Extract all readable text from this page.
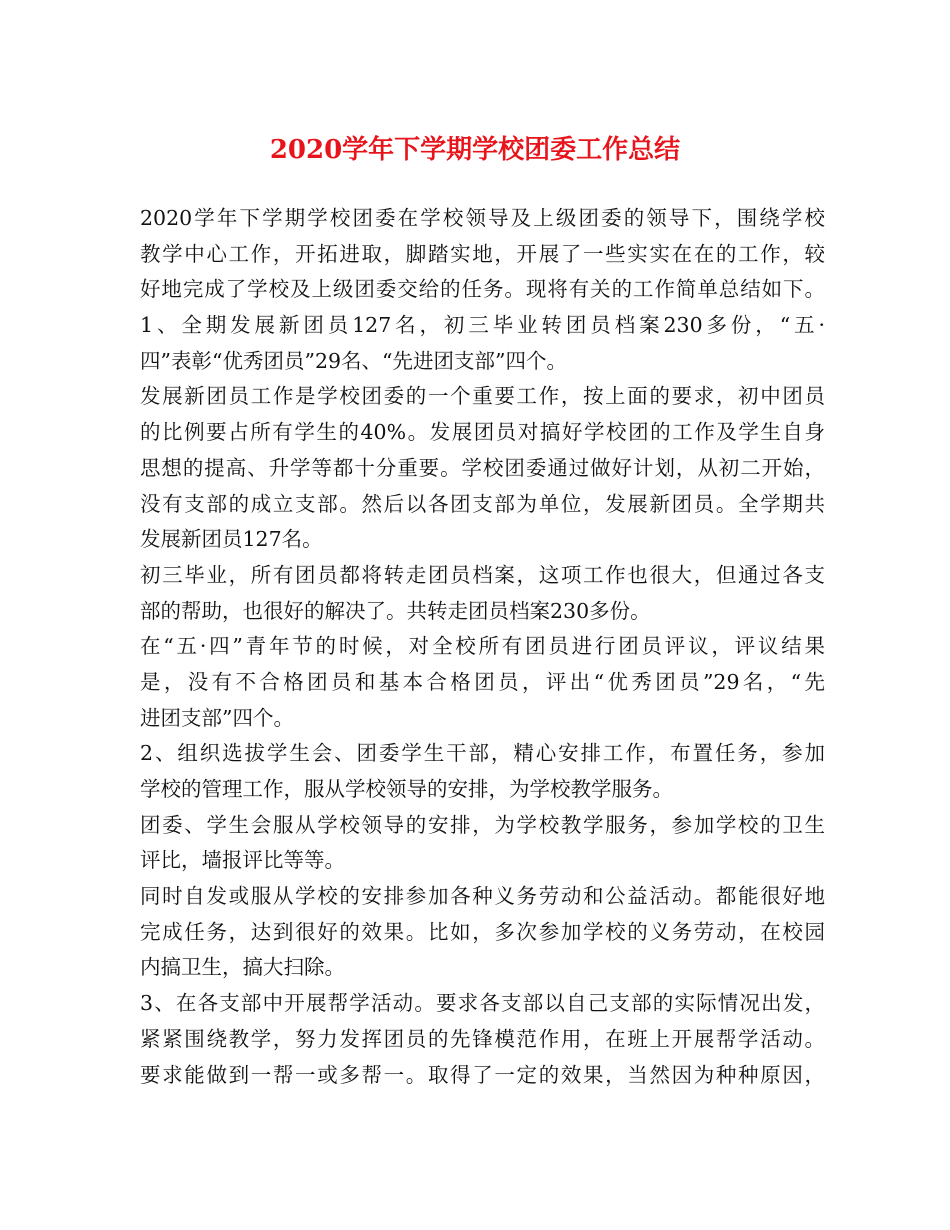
2020学年下学期学校团委工作总结
2020学年下学期学校团委在学校领导及上级团委的领导下，围绕学校
教学中心工作，开拓进取，脚踏实地，开展了一些实实在在的工作，较
好地完成了学校及上级团委交给的任务。现将有关的工作简单总结如下。
1、全期发展新团员127名，初三毕业转团员档案230多份，“五·
四”表彰“优秀团员”29名、“先进团支部”四个。
发展新团员工作是学校团委的一个重要工作，按上面的要求，初中团员
的比例要占所有学生的40%。发展团员对搞好学校团的工作及学生自身
思想的提高、升学等都十分重要。学校团委通过做好计划，从初二开始，
没有支部的成立支部。然后以各团支部为单位，发展新团员。全学期共
发展新团员127名。
初三毕业，所有团员都将转走团员档案，这项工作也很大，但通过各支
部的帮助，也很好的解决了。共转走团员档案230多份。
在“五·四”青年节的时候，对全校所有团员进行团员评议，评议结果
是，没有不合格团员和基本合格团员，评出“优秀团员”29名，“先
进团支部”四个。
2、组织选拔学生会、团委学生干部，精心安排工作，布置任务，参加
学校的管理工作，服从学校领导的安排，为学校教学服务。
团委、学生会服从学校领导的安排，为学校教学服务，参加学校的卫生
评比，墙报评比等等。
同时自发或服从学校的安排参加各种义务劳动和公益活动。都能很好地
完成任务，达到很好的效果。比如，多次参加学校的义务劳动，在校园
内搞卫生，搞大扫除。
3、在各支部中开展帮学活动。要求各支部以自己支部的实际情况出发，
紧紧围绕教学，努力发挥团员的先锋模范作用，在班上开展帮学活动。
要求能做到一帮一或多帮一。取得了一定的效果，当然因为种种原因，
